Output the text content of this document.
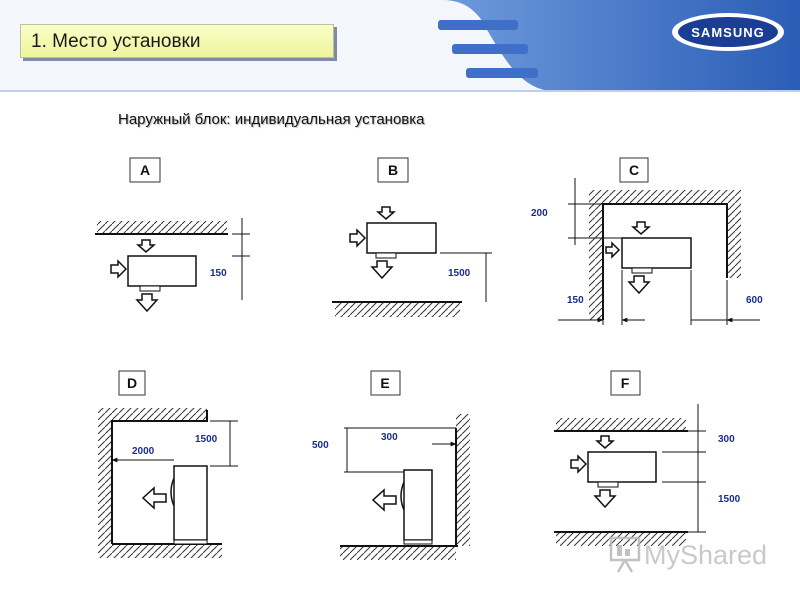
SAMSUNG
1. Место установки
Наружный блок: индивидуальная установка
A
150
B
1500
C
200
150	600
D
1500
2000
E
500
300
F
300
1500
MyShared
